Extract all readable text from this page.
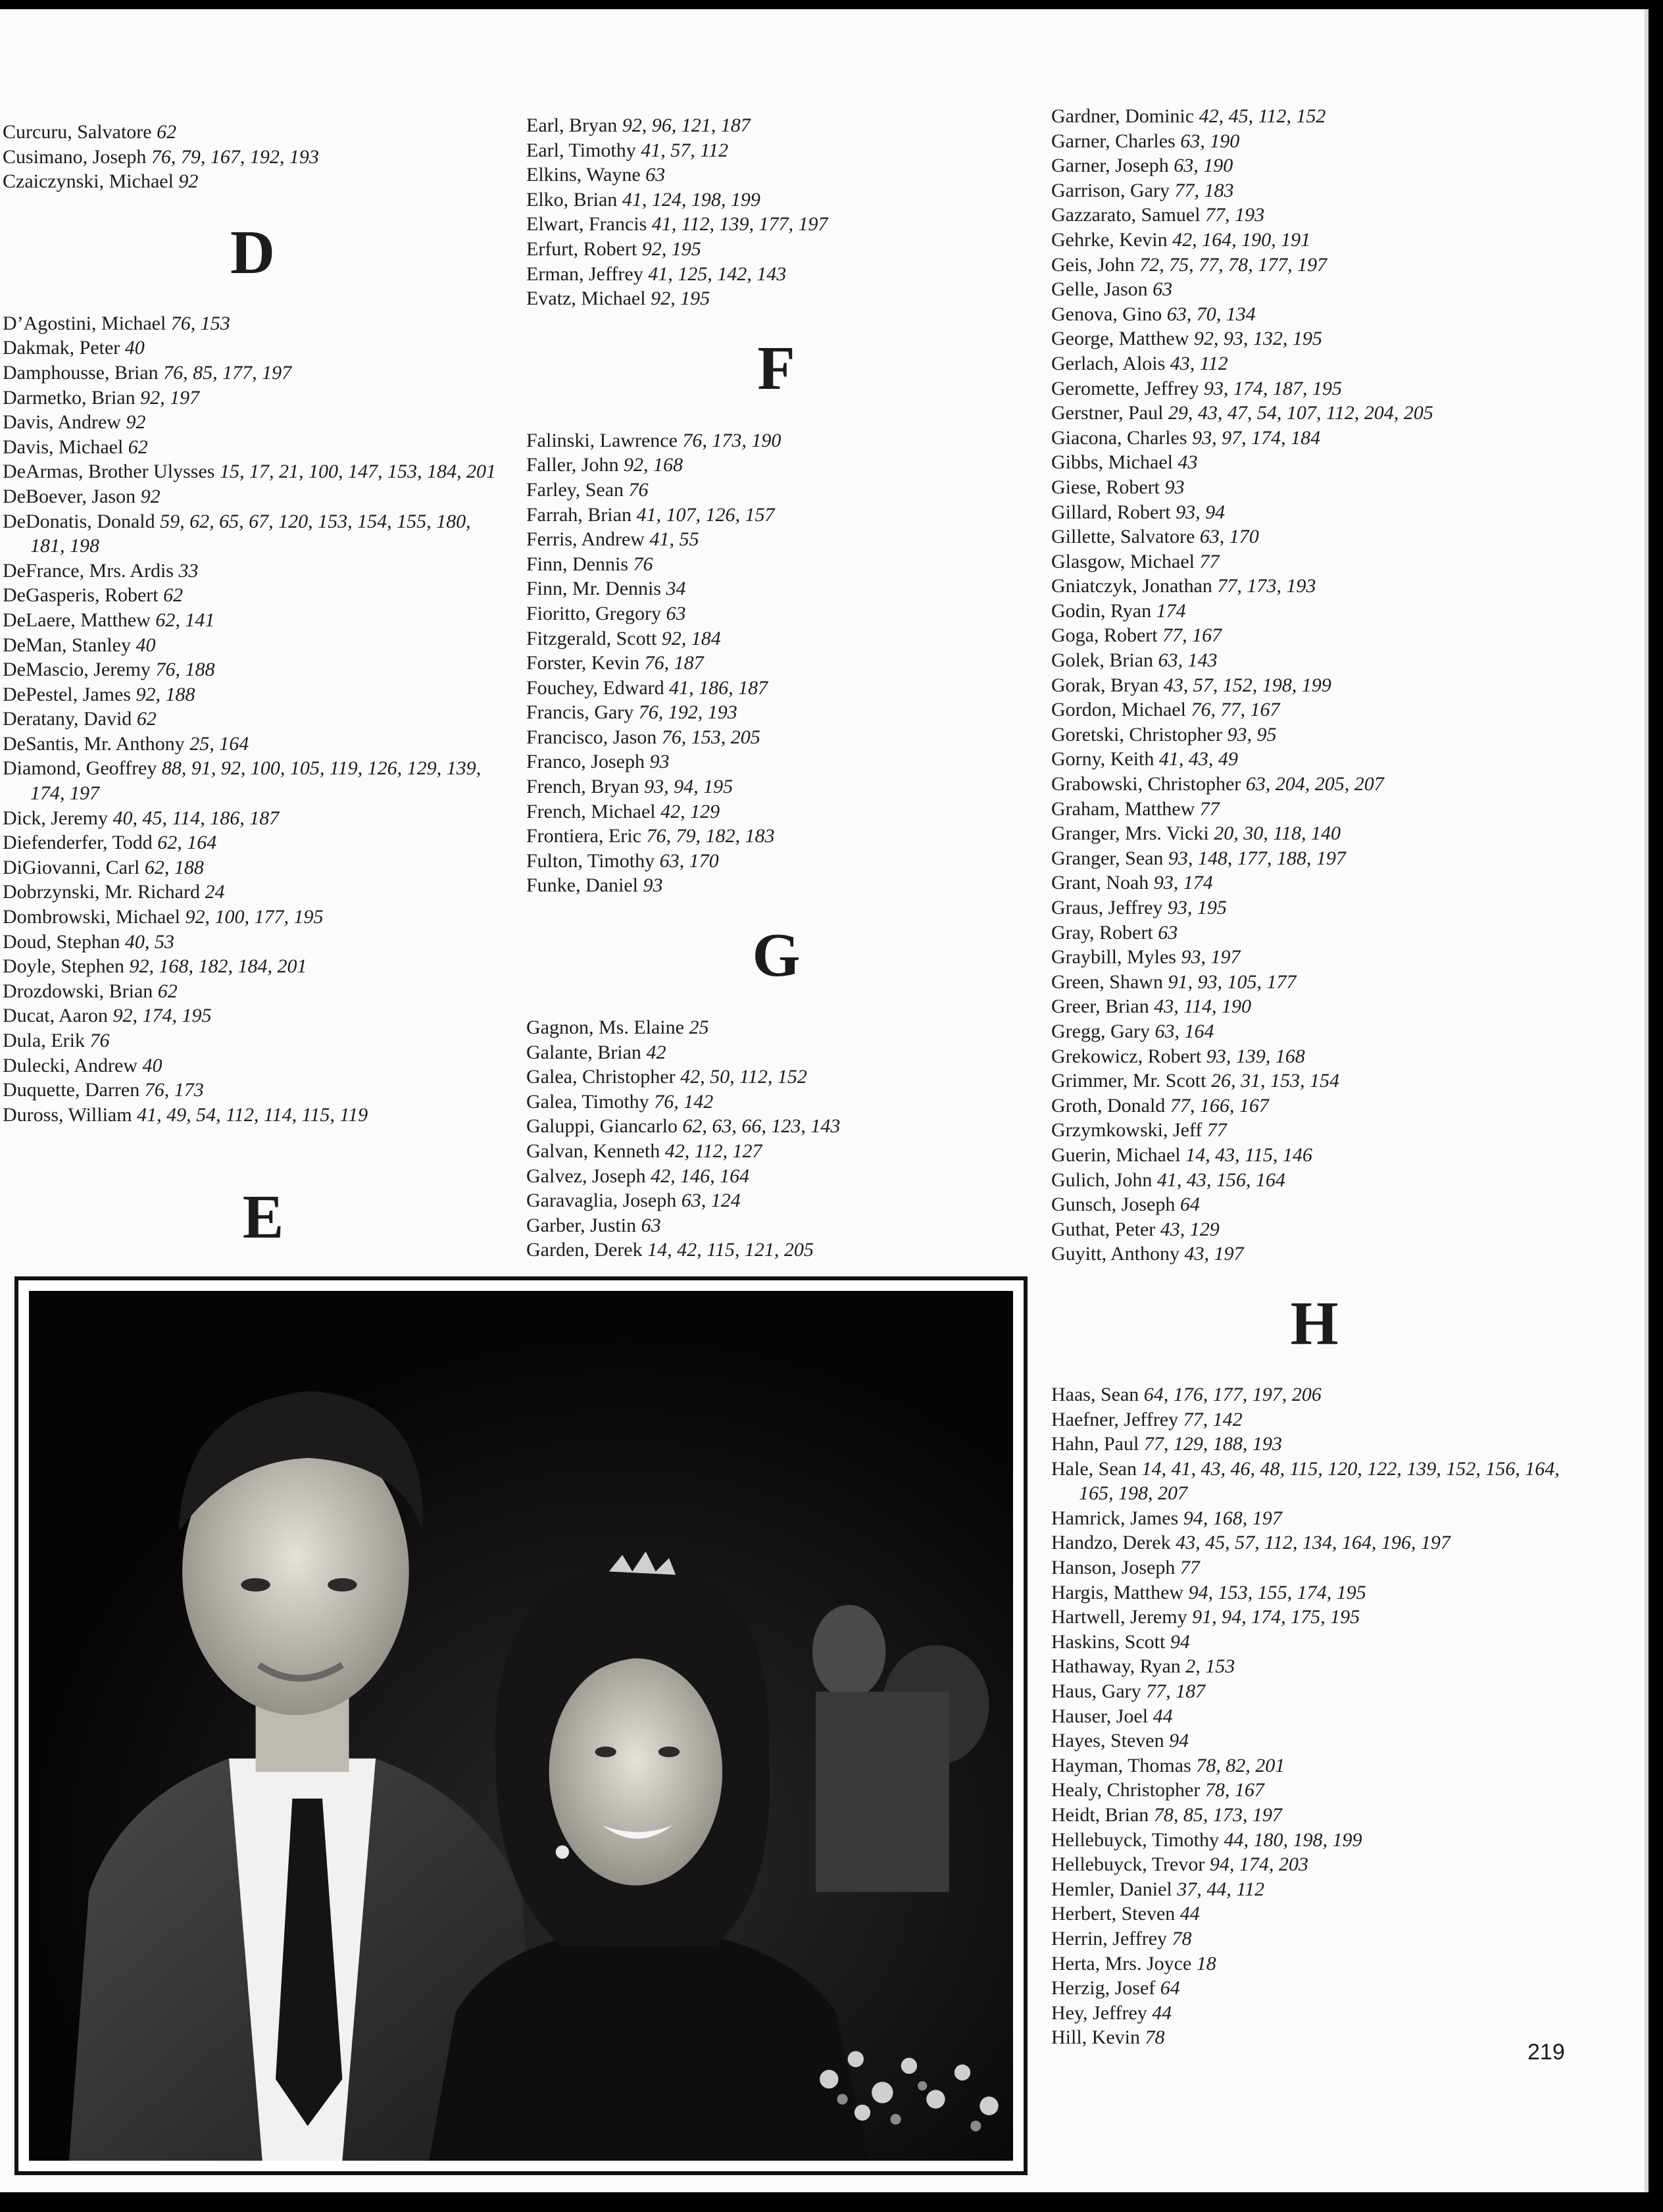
Curcuru, Salvatore 62
Cusimano, Joseph 76, 79, 167, 192, 193
Czaiczynski, Michael 92
D
D’Agostini, Michael 76, 153
Dakmak, Peter 40
Damphousse, Brian 76, 85, 177, 197
Darmetko, Brian 92, 197
Davis, Andrew 92
Davis, Michael 62
DeArmas, Brother Ulysses 15, 17, 21, 100, 147, 153, 184, 201
DeBoever, Jason 92
DeDonatis, Donald 59, 62, 65, 67, 120, 153, 154, 155, 180, 181, 198
DeFrance, Mrs. Ardis 33
DeGasperis, Robert 62
DeLaere, Matthew 62, 141
DeMan, Stanley 40
DeMascio, Jeremy 76, 188
DePestel, James 92, 188
Deratany, David 62
DeSantis, Mr. Anthony 25, 164
Diamond, Geoffrey 88, 91, 92, 100, 105, 119, 126, 129, 139, 174, 197
Dick, Jeremy 40, 45, 114, 186, 187
Diefenderfer, Todd 62, 164
DiGiovanni, Carl 62, 188
Dobrzynski, Mr. Richard 24
Dombrowski, Michael 92, 100, 177, 195
Doud, Stephan 40, 53
Doyle, Stephen 92, 168, 182, 184, 201
Drozdowski, Brian 62
Ducat, Aaron 92, 174, 195
Dula, Erik 76
Dulecki, Andrew 40
Duquette, Darren 76, 173
Duross, William 41, 49, 54, 112, 114, 115, 119
E
Earl, Bryan 92, 96, 121, 187
Earl, Timothy 41, 57, 112
Elkins, Wayne 63
Elko, Brian 41, 124, 198, 199
Elwart, Francis 41, 112, 139, 177, 197
Erfurt, Robert 92, 195
Erman, Jeffrey 41, 125, 142, 143
Evatz, Michael 92, 195
F
Falinski, Lawrence 76, 173, 190
Faller, John 92, 168
Farley, Sean 76
Farrah, Brian 41, 107, 126, 157
Ferris, Andrew 41, 55
Finn, Dennis 76
Finn, Mr. Dennis 34
Fioritto, Gregory 63
Fitzgerald, Scott 92, 184
Forster, Kevin 76, 187
Fouchey, Edward 41, 186, 187
Francis, Gary 76, 192, 193
Francisco, Jason 76, 153, 205
Franco, Joseph 93
French, Bryan 93, 94, 195
French, Michael 42, 129
Frontiera, Eric 76, 79, 182, 183
Fulton, Timothy 63, 170
Funke, Daniel 93
G
Gagnon, Ms. Elaine 25
Galante, Brian 42
Galea, Christopher 42, 50, 112, 152
Galea, Timothy 76, 142
Galuppi, Giancarlo 62, 63, 66, 123, 143
Galvan, Kenneth 42, 112, 127
Galvez, Joseph 42, 146, 164
Garavaglia, Joseph 63, 124
Garber, Justin 63
Garden, Derek 14, 42, 115, 121, 205
Gardner, Dominic 42, 45, 112, 152
Garner, Charles 63, 190
Garner, Joseph 63, 190
Garrison, Gary 77, 183
Gazzarato, Samuel 77, 193
Gehrke, Kevin 42, 164, 190, 191
Geis, John 72, 75, 77, 78, 177, 197
Gelle, Jason 63
Genova, Gino 63, 70, 134
George, Matthew 92, 93, 132, 195
Gerlach, Alois 43, 112
Geromette, Jeffrey 93, 174, 187, 195
Gerstner, Paul 29, 43, 47, 54, 107, 112, 204, 205
Giacona, Charles 93, 97, 174, 184
Gibbs, Michael 43
Giese, Robert 93
Gillard, Robert 93, 94
Gillette, Salvatore 63, 170
Glasgow, Michael 77
Gniatczyk, Jonathan 77, 173, 193
Godin, Ryan 174
Goga, Robert 77, 167
Golek, Brian 63, 143
Gorak, Bryan 43, 57, 152, 198, 199
Gordon, Michael 76, 77, 167
Goretski, Christopher 93, 95
Gorny, Keith 41, 43, 49
Grabowski, Christopher 63, 204, 205, 207
Graham, Matthew 77
Granger, Mrs. Vicki 20, 30, 118, 140
Granger, Sean 93, 148, 177, 188, 197
Grant, Noah 93, 174
Graus, Jeffrey 93, 195
Gray, Robert 63
Graybill, Myles 93, 197
Green, Shawn 91, 93, 105, 177
Greer, Brian 43, 114, 190
Gregg, Gary 63, 164
Grekowicz, Robert 93, 139, 168
Grimmer, Mr. Scott 26, 31, 153, 154
Groth, Donald 77, 166, 167
Grzymkowski, Jeff 77
Guerin, Michael 14, 43, 115, 146
Gulich, John 41, 43, 156, 164
Gunsch, Joseph 64
Guthat, Peter 43, 129
Guyitt, Anthony 43, 197
H
Haas, Sean 64, 176, 177, 197, 206
Haefner, Jeffrey 77, 142
Hahn, Paul 77, 129, 188, 193
Hale, Sean 14, 41, 43, 46, 48, 115, 120, 122, 139, 152, 156, 164, 165, 198, 207
Hamrick, James 94, 168, 197
Handzo, Derek 43, 45, 57, 112, 134, 164, 196, 197
Hanson, Joseph 77
Hargis, Matthew 94, 153, 155, 174, 195
Hartwell, Jeremy 91, 94, 174, 175, 195
Haskins, Scott 94
Hathaway, Ryan 2, 153
Haus, Gary 77, 187
Hauser, Joel 44
Hayes, Steven 94
Hayman, Thomas 78, 82, 201
Healy, Christopher 78, 167
Heidt, Brian 78, 85, 173, 197
Hellebuyck, Timothy 44, 180, 198, 199
Hellebuyck, Trevor 94, 174, 203
Hemler, Daniel 37, 44, 112
Herbert, Steven 44
Herrin, Jeffrey 78
Herta, Mrs. Joyce 18
Herzig, Josef 64
Hey, Jeffrey 44
Hill, Kevin 78
219
